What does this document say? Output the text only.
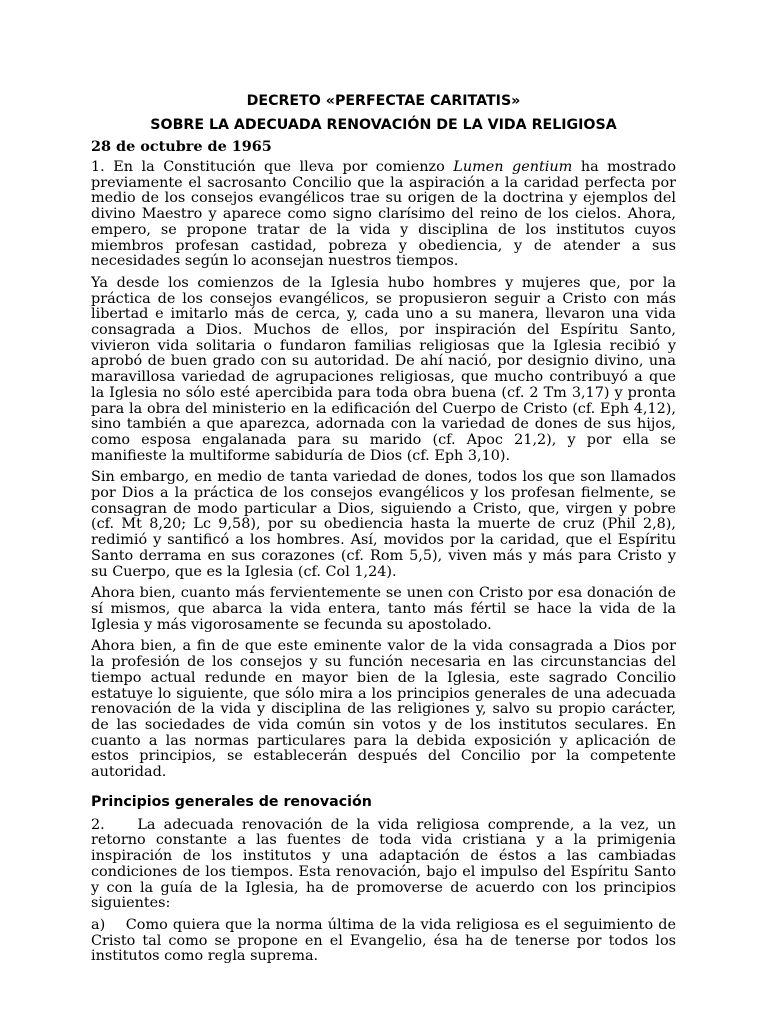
DECRETO «PERFECTAE CARITATIS»
SOBRE LA ADECUADA RENOVACIÓN DE LA VIDA RELIGIOSA
28 de octubre de 1965

1. En la Constitución que lleva por comienzo Lumen gentium ha mostrado previamente el sacrosanto Concilio que la aspiración a la caridad perfecta por medio de los consejos evangélicos trae su origen de la doctrina y ejemplos del divino Maestro y aparece como signo clarísimo del reino de los cielos. Ahora, empero, se propone tratar de la vida y disciplina de los institutos cuyos miembros profesan castidad, pobreza y obediencia, y de atender a sus necesidades según lo aconsejan nuestros tiempos.

Ya desde los comienzos de la Iglesia hubo hombres y mujeres que, por la práctica de los consejos evangélicos, se propusieron seguir a Cristo con más libertad e imitarlo más de cerca, y, cada uno a su manera, llevaron una vida consagrada a Dios. Muchos de ellos, por inspiración del Espíritu Santo, vivieron vida solitaria o fundaron familias religiosas que la Iglesia recibió y aprobó de buen grado con su autoridad. De ahí nació, por designio divino, una maravillosa variedad de agrupaciones religiosas, que mucho contribuyó a que la Iglesia no sólo esté apercibida para toda obra buena (cf. 2 Tm 3,17) y pronta para la obra del ministerio en la edificación del Cuerpo de Cristo (cf. Eph 4,12), sino también a que aparezca, adornada con la variedad de dones de sus hijos, como esposa engalanada para su marido (cf. Apoc 21,2), y por ella se manifieste la multiforme sabiduría de Dios (cf. Eph 3,10).

Sin embargo, en medio de tanta variedad de dones, todos los que son llamados por Dios a la práctica de los consejos evangélicos y los profesan fielmente, se consagran de modo particular a Dios, siguiendo a Cristo, que, virgen y pobre (cf. Mt 8,20; Lc 9,58), por su obediencia hasta la muerte de cruz (Phil 2,8), redimió y santificó a los hombres. Así, movidos por la caridad, que el Espíritu Santo derrama en sus corazones (cf. Rom 5,5), viven más y más para Cristo y su Cuerpo, que es la Iglesia (cf. Col 1,24).

Ahora bien, cuanto más fervientemente se unen con Cristo por esa donación de sí mismos, que abarca la vida entera, tanto más fértil se hace la vida de la Iglesia y más vigorosamente se fecunda su apostolado.

Ahora bien, a fin de que este eminente valor de la vida consagrada a Dios por la profesión de los consejos y su función necesaria en las circunstancias del tiempo actual redunde en mayor bien de la Iglesia, este sagrado Concilio estatuye lo siguiente, que sólo mira a los principios generales de una adecuada renovación de la vida y disciplina de las religiones y, salvo su propio carácter, de las sociedades de vida común sin votos y de los institutos seculares. En cuanto a las normas particulares para la debida exposición y aplicación de estos principios, se establecerán después del Concilio por la competente autoridad.

Principios generales de renovación

2. La adecuada renovación de la vida religiosa comprende, a la vez, un retorno constante a las fuentes de toda vida cristiana y a la primigenia inspiración de los institutos y una adaptación de éstos a las cambiadas condiciones de los tiempos. Esta renovación, bajo el impulso del Espíritu Santo y con la guía de la Iglesia, ha de promoverse de acuerdo con los principios siguientes:

a) Como quiera que la norma última de la vida religiosa es el seguimiento de Cristo tal como se propone en el Evangelio, ésa ha de tenerse por todos los institutos como regla suprema.
